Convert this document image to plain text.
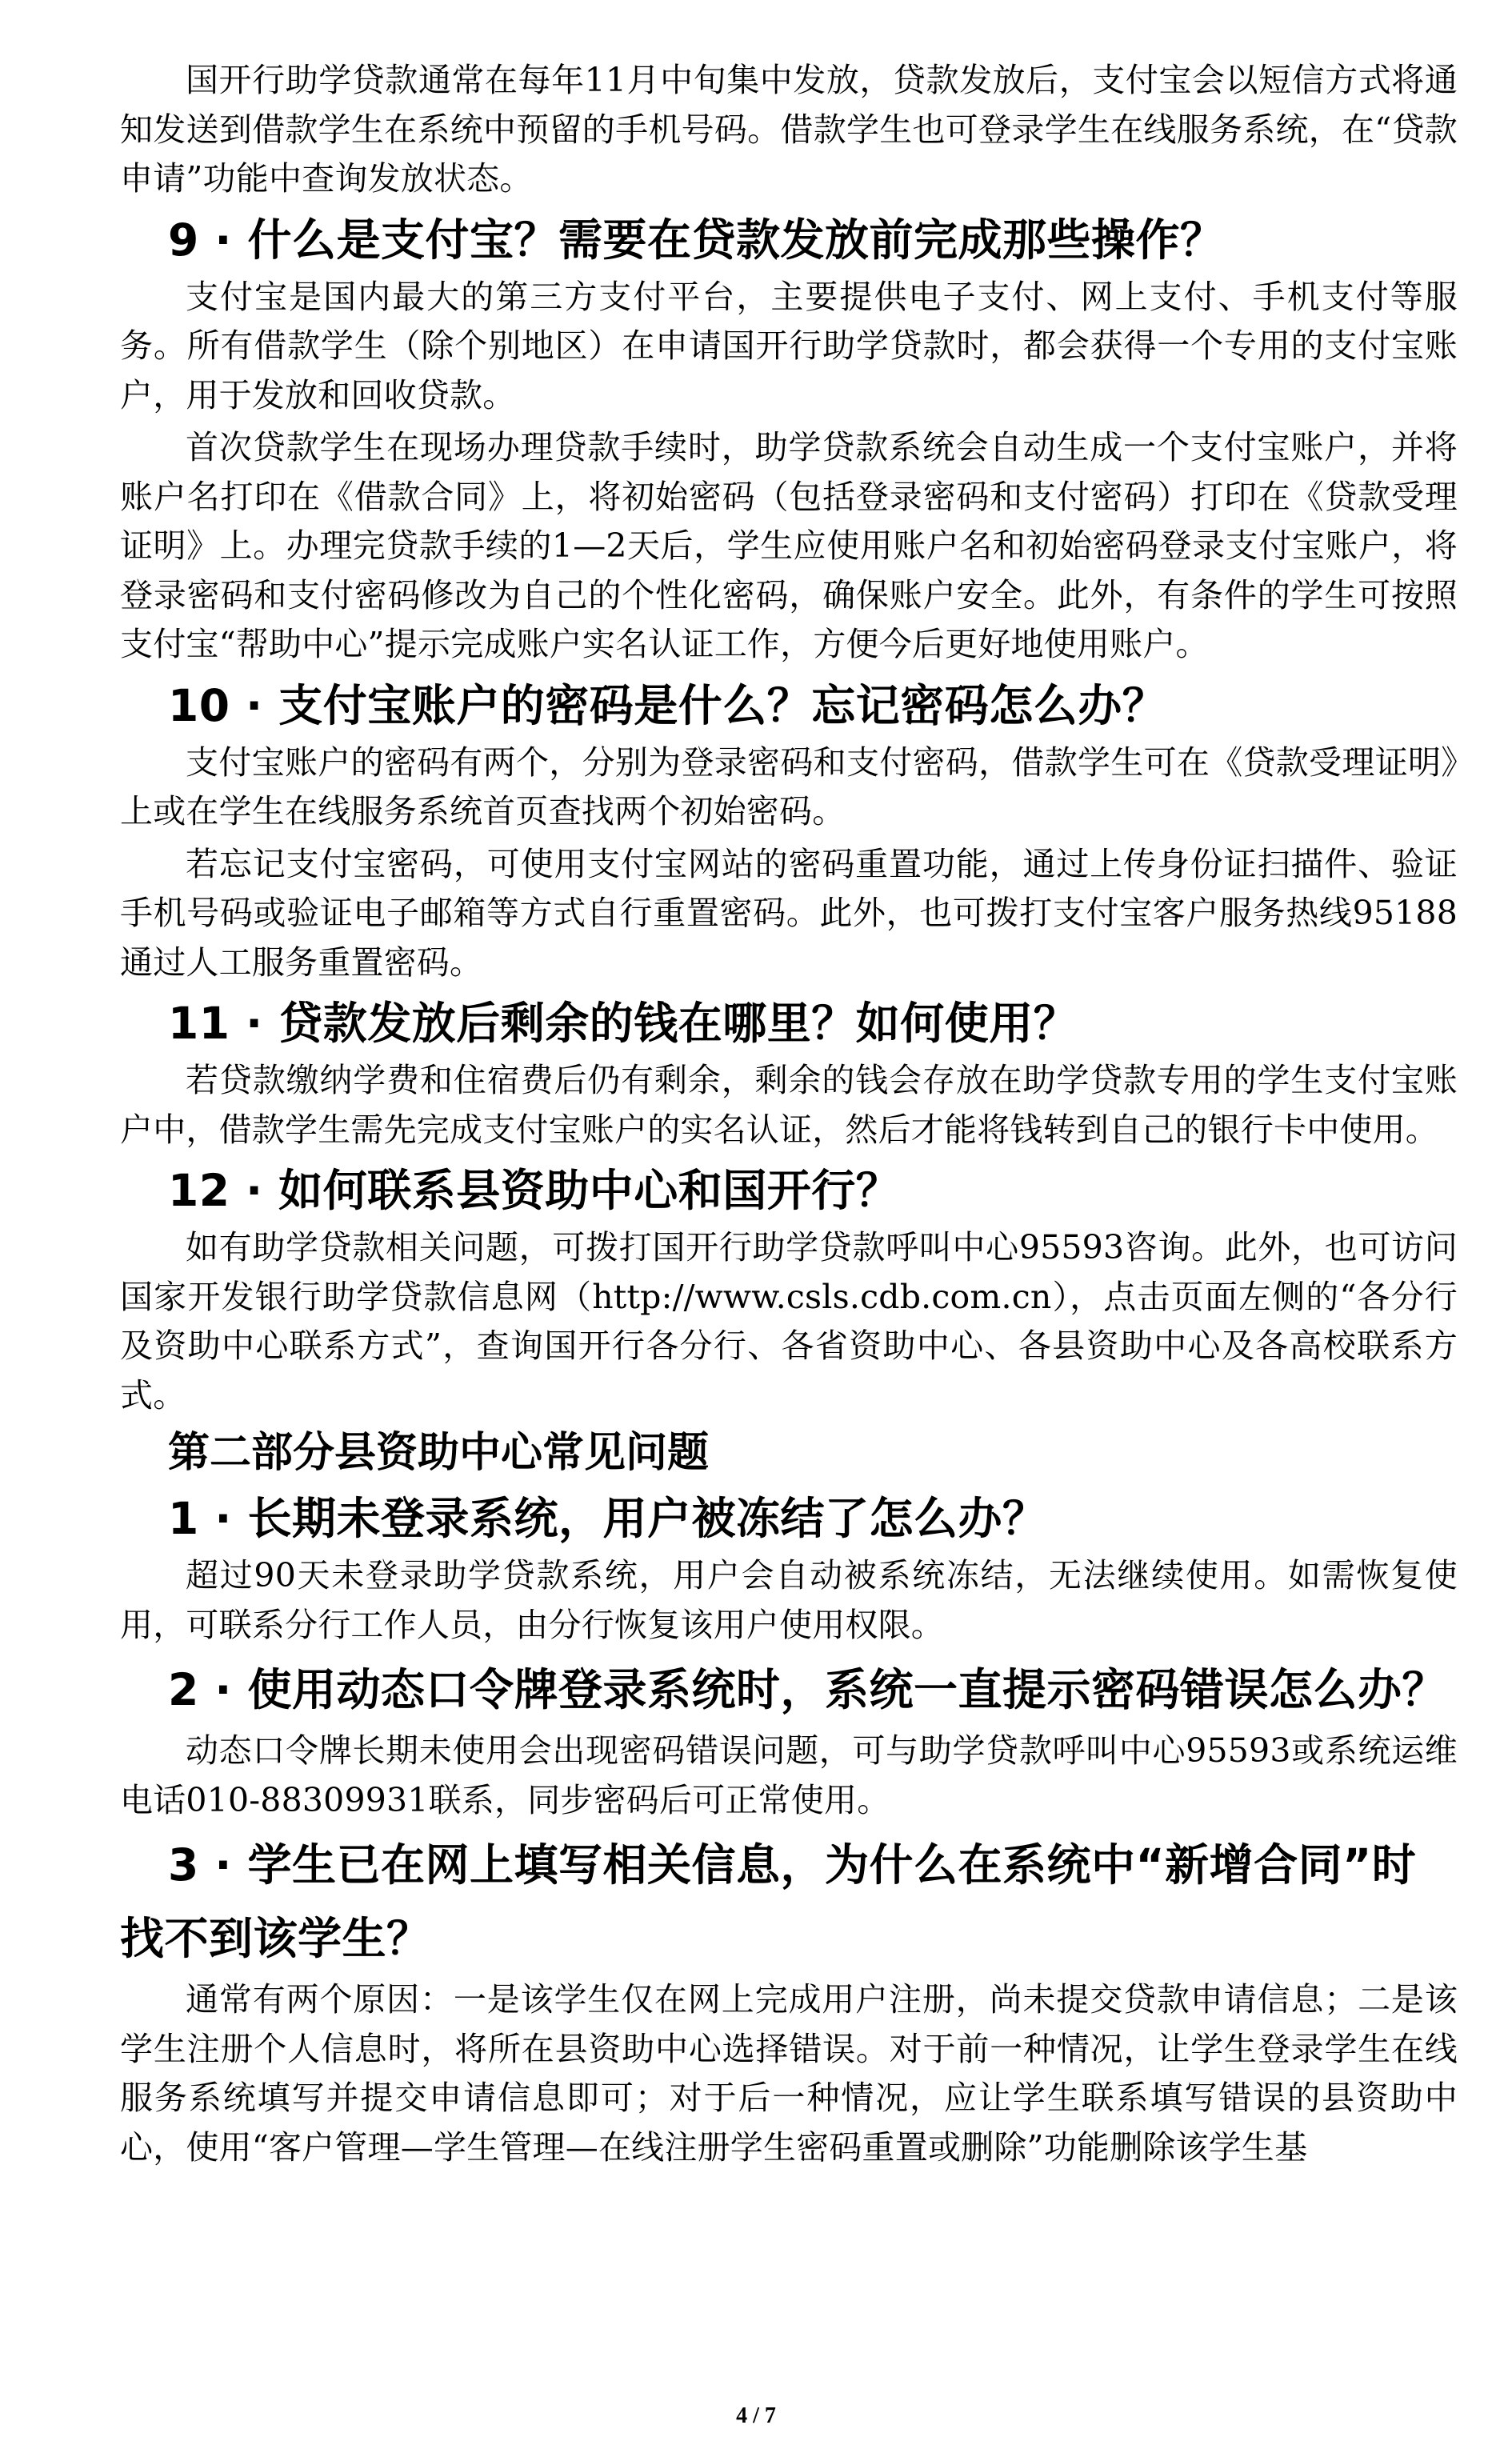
国开行助学贷款通常在每年11月中旬集中发放，贷款发放后，支付宝会以短信方式将通知发送到借款学生在系统中预留的手机号码。借款学生也可登录学生在线服务系统，在“贷款申请”功能中查询发放状态。

9 · 什么是支付宝？需要在贷款发放前完成那些操作？

支付宝是国内最大的第三方支付平台，主要提供电子支付、网上支付、手机支付等服务。所有借款学生（除个别地区）在申请国开行助学贷款时，都会获得一个专用的支付宝账户，用于发放和回收贷款。

首次贷款学生在现场办理贷款手续时，助学贷款系统会自动生成一个支付宝账户，并将账户名打印在《借款合同》上，将初始密码（包括登录密码和支付密码）打印在《贷款受理证明》上。办理完贷款手续的1—2天后，学生应使用账户名和初始密码登录支付宝账户，将登录密码和支付密码修改为自己的个性化密码，确保账户安全。此外，有条件的学生可按照支付宝“帮助中心”提示完成账户实名认证工作，方便今后更好地使用账户。

10 · 支付宝账户的密码是什么？忘记密码怎么办？

支付宝账户的密码有两个，分别为登录密码和支付密码，借款学生可在《贷款受理证明》上或在学生在线服务系统首页查找两个初始密码。

若忘记支付宝密码，可使用支付宝网站的密码重置功能，通过上传身份证扫描件、验证手机号码或验证电子邮箱等方式自行重置密码。此外，也可拨打支付宝客户服务热线95188通过人工服务重置密码。

11 · 贷款发放后剩余的钱在哪里？如何使用？

若贷款缴纳学费和住宿费后仍有剩余，剩余的钱会存放在助学贷款专用的学生支付宝账户中，借款学生需先完成支付宝账户的实名认证，然后才能将钱转到自己的银行卡中使用。

12 · 如何联系县资助中心和国开行？

如有助学贷款相关问题，可拨打国开行助学贷款呼叫中心95593咨询。此外，也可访问国家开发银行助学贷款信息网（http://www.csls.cdb.com.cn），点击页面左侧的“各分行及资助中心联系方式”，查询国开行各分行、各省资助中心、各县资助中心及各高校联系方式。

第二部分县资助中心常见问题
1 · 长期未登录系统，用户被冻结了怎么办？

超过90天未登录助学贷款系统，用户会自动被系统冻结，无法继续使用。如需恢复使用，可联系分行工作人员，由分行恢复该用户使用权限。

2 · 使用动态口令牌登录系统时，系统一直提示密码错误怎么办？

动态口令牌长期未使用会出现密码错误问题，可与助学贷款呼叫中心95593或系统运维电话010-88309931联系，同步密码后可正常使用。

3 · 学生已在网上填写相关信息，为什么在系统中“新增合同”时找不到该学生？

通常有两个原因：一是该学生仅在网上完成用户注册，尚未提交贷款申请信息；二是该学生注册个人信息时，将所在县资助中心选择错误。对于前一种情况，让学生登录学生在线服务系统填写并提交申请信息即可；对于后一种情况，应让学生联系填写错误的县资助中心，使用“客户管理—学生管理—在线注册学生密码重置或删除”功能删除该学生基

4 / 7
